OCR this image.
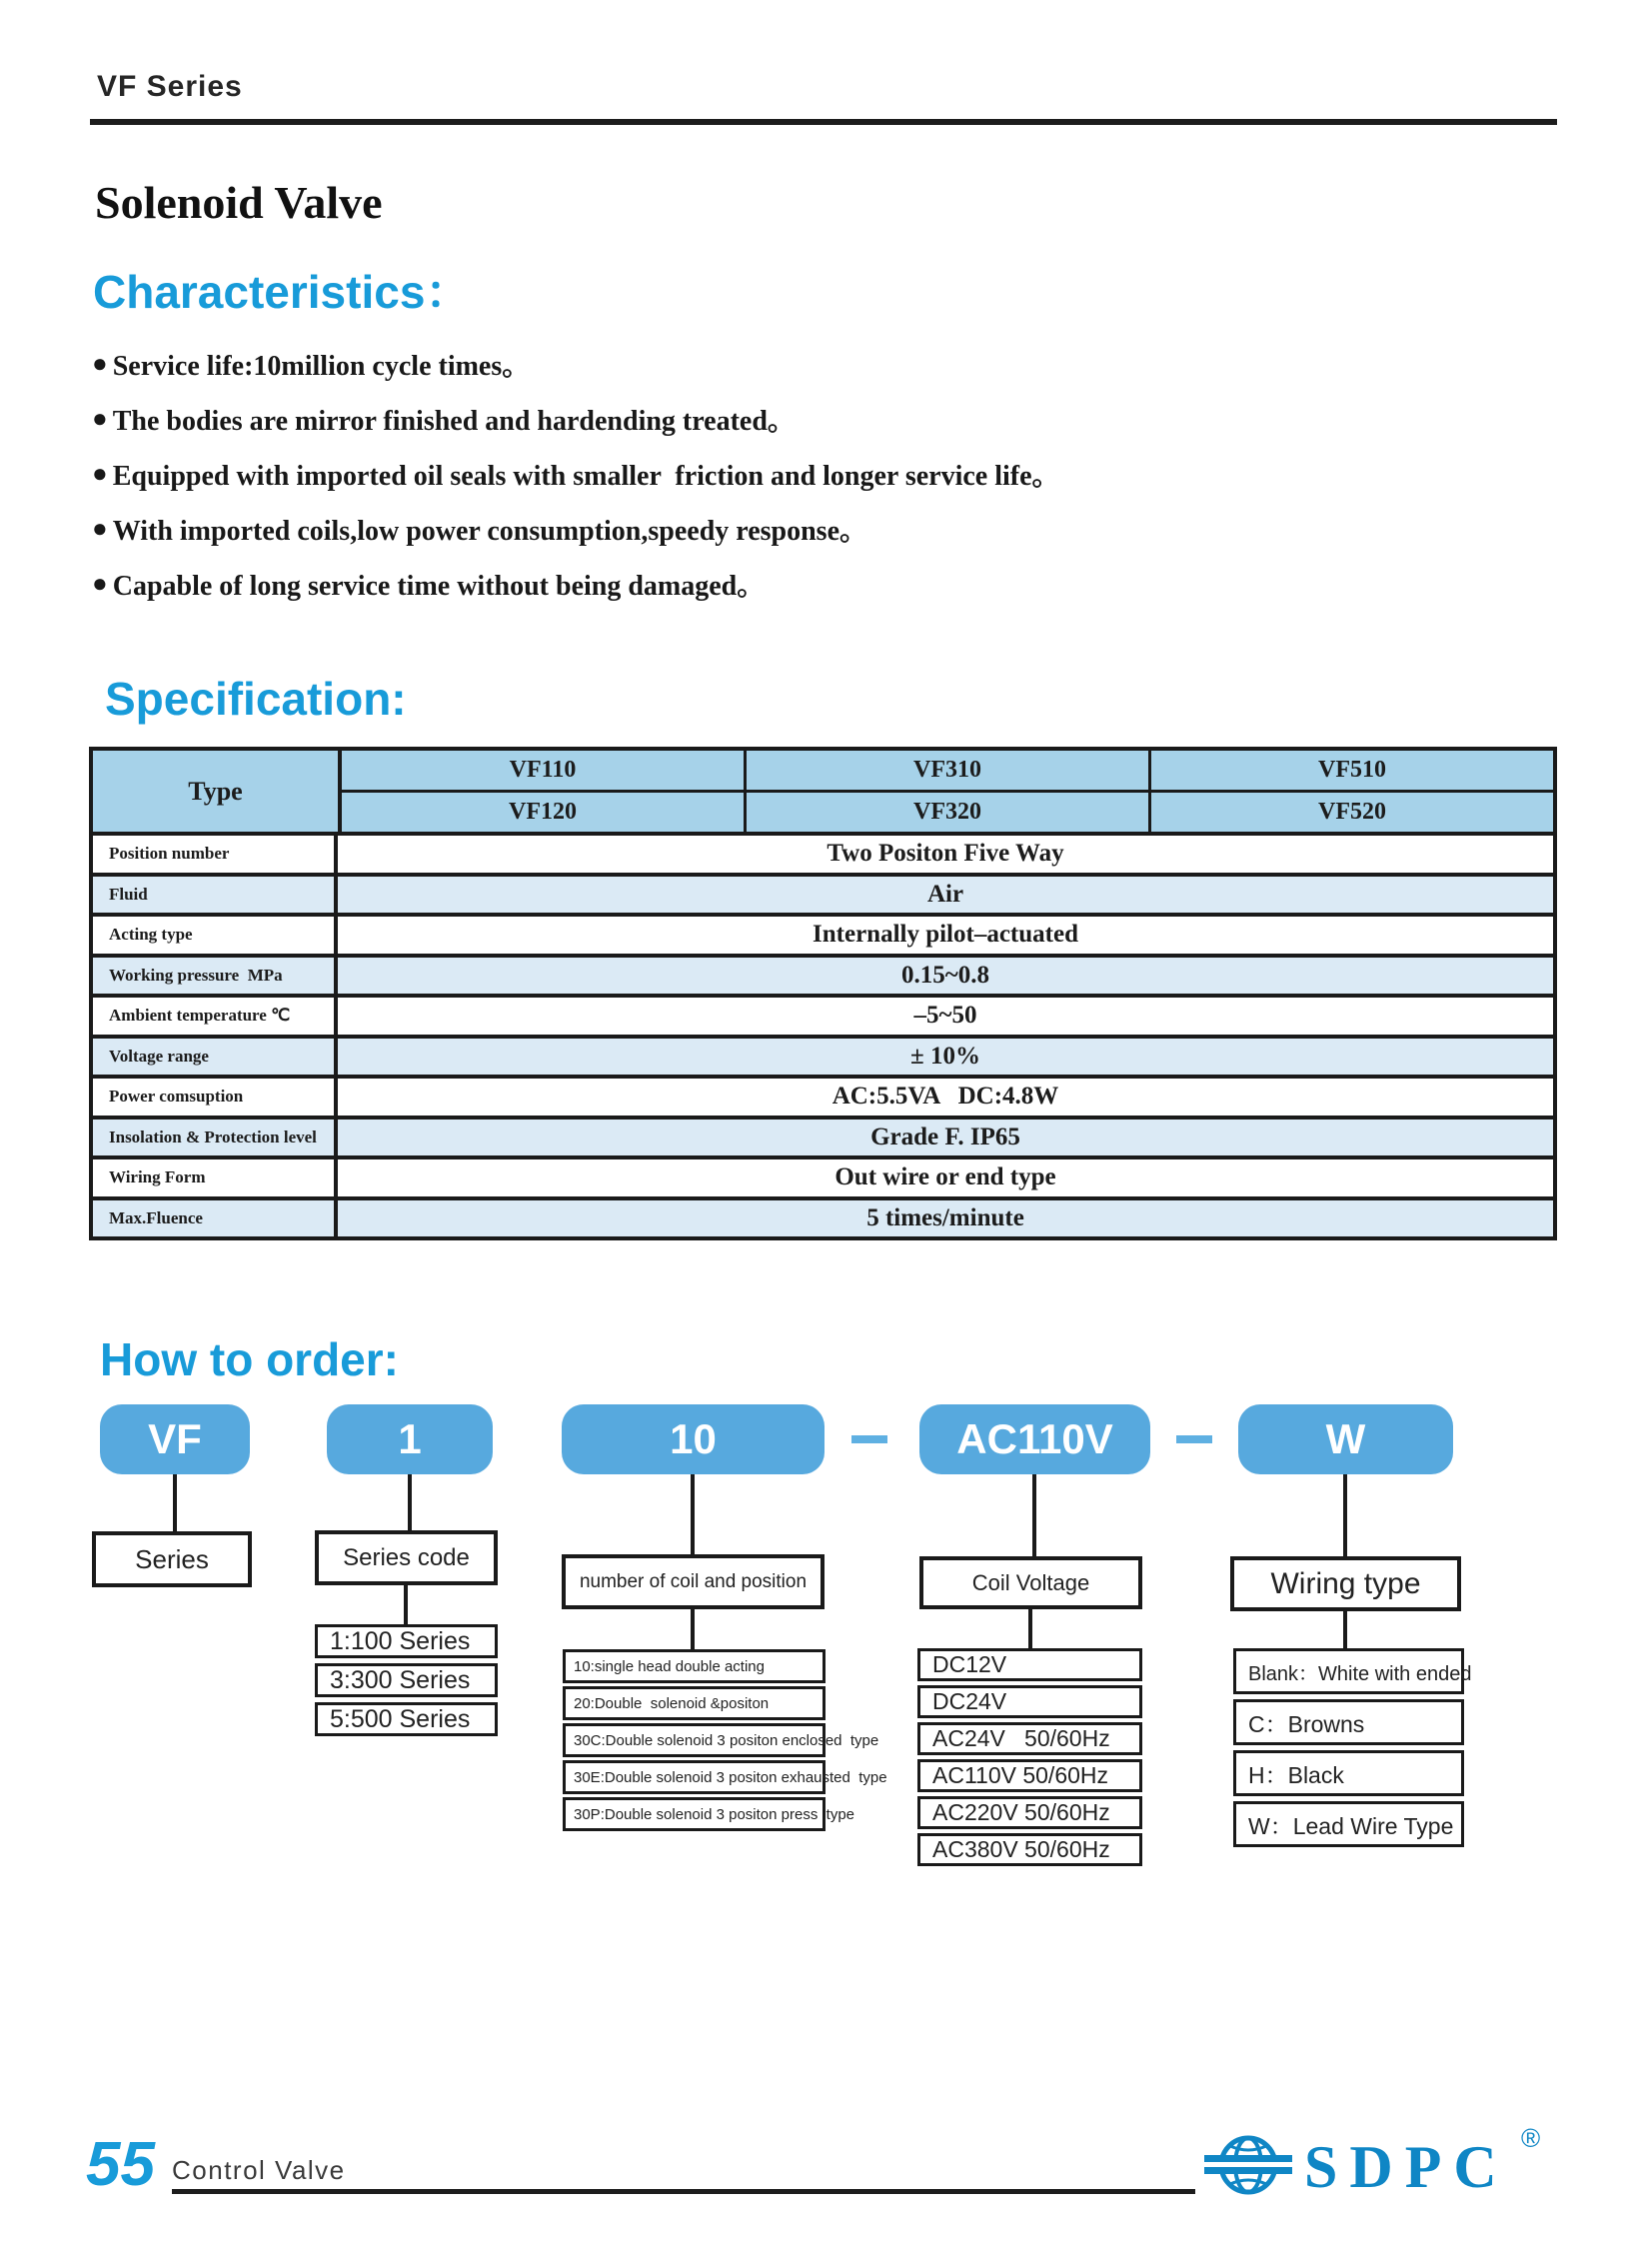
VF Series
Solenoid Valve
Characteristics：
● Service life:10million cycle times。
● The bodies are mirror finished and hardending treated。
● Equipped with imported oil seals with smaller  friction and longer service life。
● With imported coils,low power consumption,speedy response。
● Capable of long service time without being damaged。
Specification:
Type
VF110	VF310	VF510
VF120	VF320	VF520
Position number	Two Positon Five Way
Fluid	Air
Acting type	Internally pilot–actuated
Working pressure  MPa	0.15~0.8
Ambient temperature ℃	–5~50
Voltage range	± 10%
Power comsuption	AC:5.5VA   DC:4.8W
Insolation & Protection level	Grade F. IP65
Wiring Form	Out wire or end type
Max.Fluence	5 times/minute
How to order:
VF	1	10	AC110V	W
Series	Series code
number of coil and position	Coil Voltage	Wiring type
1:100 Series
3:300 Series
5:500 Series
10:single head double acting
20:Double  solenoid &positon
30C:Double solenoid 3 positon enclosed  type
30E:Double solenoid 3 positon exhausted  type
30P:Double solenoid 3 positon press  type
DC12V
DC24V
AC24V   50/60Hz
AC110V 50/60Hz
AC220V 50/60Hz
AC380V 50/60Hz
Blank：White with ended
C：Browns
H：Black
W：Lead Wire Type
55 Control Valve	SDPC ®
